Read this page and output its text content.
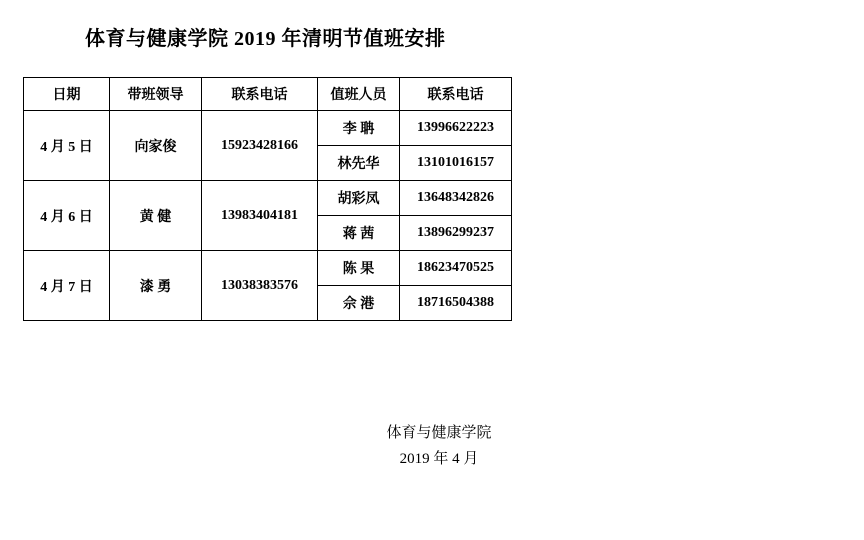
体育与健康学院 2019 年清明节值班安排
日期	带班领导	联系电话	值班人员	联系电话
4 月 5 日	向家俊	15923428166	李 聃	13996622223
			林先华	13101016157
4 月 6 日	黄 健	13983404181	胡彩凤	13648342826
			蒋 茜	13896299237
4 月 7 日	漆 勇	13038383576	陈 果	18623470525
			佘 港	18716504388
体育与健康学院
2019 年 4 月
